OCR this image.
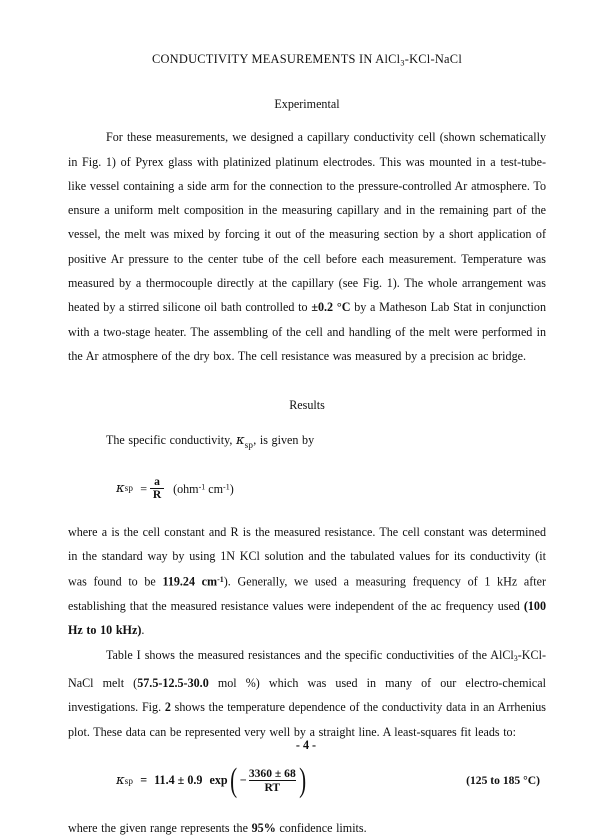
CONDUCTIVITY MEASUREMENTS IN AlCl$_3$-KCl-NaCl
Experimental

For these measurements, we designed a capillary conductivity cell (shown schematically in Fig. 1) of Pyrex glass with platinized platinum electrodes. This was mounted in a test-tube-like vessel containing a side arm for the connection to the pressure-controlled Ar atmosphere. To ensure a uniform melt composition in the measuring capillary and in the remaining part of the vessel, the melt was mixed by forcing it out of the measuring section by a short application of positive Ar pressure to the center tube of the cell before each measurement. Temperature was measured by a thermocouple directly at the capillary (see Fig. 1). The whole arrangement was heated by a stirred silicone oil bath controlled to ±0.2 °C by a Matheson Lab Stat in conjunction with a two-stage heater. The assembling of the cell and handling of the melt were performed in the Ar atmosphere of the dry box. The cell resistance was measured by a precision ac bridge.

Results

The specific conductivity, $\kappa_{sp}$, is given by

κ sp = $\frac{a}{R} (ohm^{-1}$ $cm^{-1}$)

where a is the cell constant and R is the measured resistance. The cell constant was determined in the standard way by using 1N KCl solution and the tabulated values for its conductivity (it was found to be 119.24 $cm^{-1}$). Generally, we used a measuring frequency of 1 kHz after establishing that the measured resistance values were independent of the ac frequency used (100 Hz to 10 kHz).

Table I shows the measured resistances and the specific conductivities of the AlCl$_3$-KCl-NaCl melt (57.5-12.5-30.0 mol %) which was used in many of our electro-chemical investigations. Fig. 2 shows the temperature dependence of the conductivity data in an Arrhenius plot. These data can be represented very well by a straight line. A least-squares fit leads to:

κ sp = 11.4 ± 0.9 exp ( − $\frac{3360 \pm 68}{RT}$ )	(125 to 185 °C)

where the given range represents the 95% confidence limits.

- 4 -
